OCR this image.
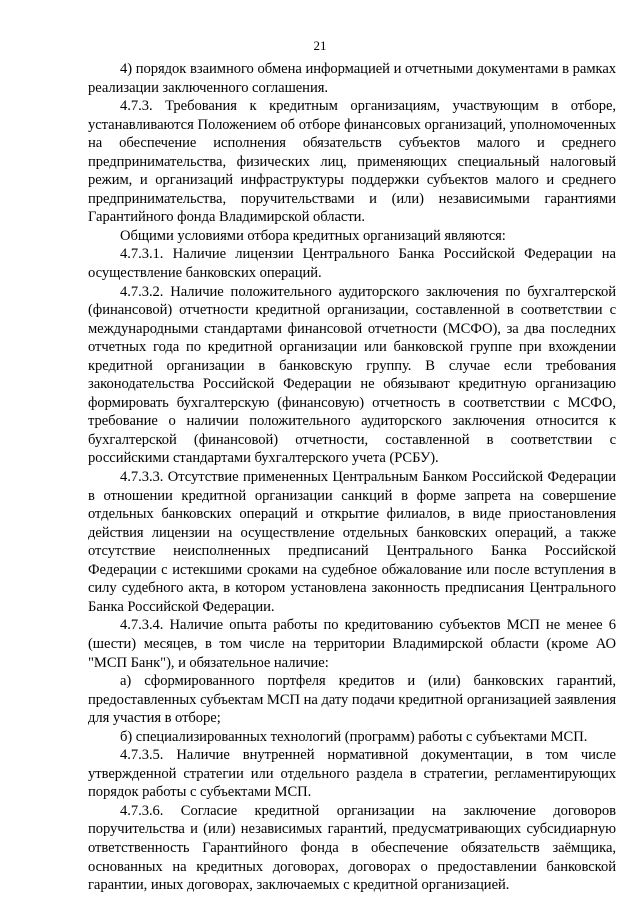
21

4) порядок взаимного обмена информацией и отчетными документами в рамках реализации заключенного соглашения.

4.7.3. Требования к кредитным организациям, участвующим в отборе, устанавливаются Положением об отборе финансовых организаций, уполномоченных на обеспечение исполнения обязательств субъектов малого и среднего предпринимательства, физических лиц, применяющих специальный налоговый режим, и организаций инфраструктуры поддержки субъектов малого и среднего предпринимательства, поручительствами и (или) независимыми гарантиями Гарантийного фонда Владимирской области.

Общими условиями отбора кредитных организаций являются:

4.7.3.1. Наличие лицензии Центрального Банка Российской Федерации на осуществление банковских операций.

4.7.3.2. Наличие положительного аудиторского заключения по бухгалтерской (финансовой) отчетности кредитной организации, составленной в соответствии с международными стандартами финансовой отчетности (МСФО), за два последних отчетных года по кредитной организации или банковской группе при вхождении кредитной организации в банковскую группу. В случае если требования законодательства Российской Федерации не обязывают кредитную организацию формировать бухгалтерскую (финансовую) отчетность в соответствии с МСФО, требование о наличии положительного аудиторского заключения относится к бухгалтерской (финансовой) отчетности, составленной в соответствии с российскими стандартами бухгалтерского учета (РСБУ).

4.7.3.3. Отсутствие примененных Центральным Банком Российской Федерации в отношении кредитной организации санкций в форме запрета на совершение отдельных банковских операций и открытие филиалов, в виде приостановления действия лицензии на осуществление отдельных банковских операций, а также отсутствие неисполненных предписаний Центрального Банка Российской Федерации с истекшими сроками на судебное обжалование или после вступления в силу судебного акта, в котором установлена законность предписания Центрального Банка Российской Федерации.

4.7.3.4. Наличие опыта работы по кредитованию субъектов МСП не менее 6 (шести) месяцев, в том числе на территории Владимирской области (кроме АО "МСП Банк"), и обязательное наличие:

а) сформированного портфеля кредитов и (или) банковских гарантий, предоставленных субъектам МСП на дату подачи кредитной организацией заявления для участия в отборе;

б) специализированных технологий (программ) работы с субъектами МСП.

4.7.3.5. Наличие внутренней нормативной документации, в том числе утвержденной стратегии или отдельного раздела в стратегии, регламентирующих порядок работы с субъектами МСП.

4.7.3.6. Согласие кредитной организации на заключение договоров поручительства и (или) независимых гарантий, предусматривающих субсидиарную ответственность Гарантийного фонда в обеспечение обязательств заёмщика, основанных на кредитных договорах, договорах о предоставлении банковской гарантии, иных договорах, заключаемых с кредитной организацией.
